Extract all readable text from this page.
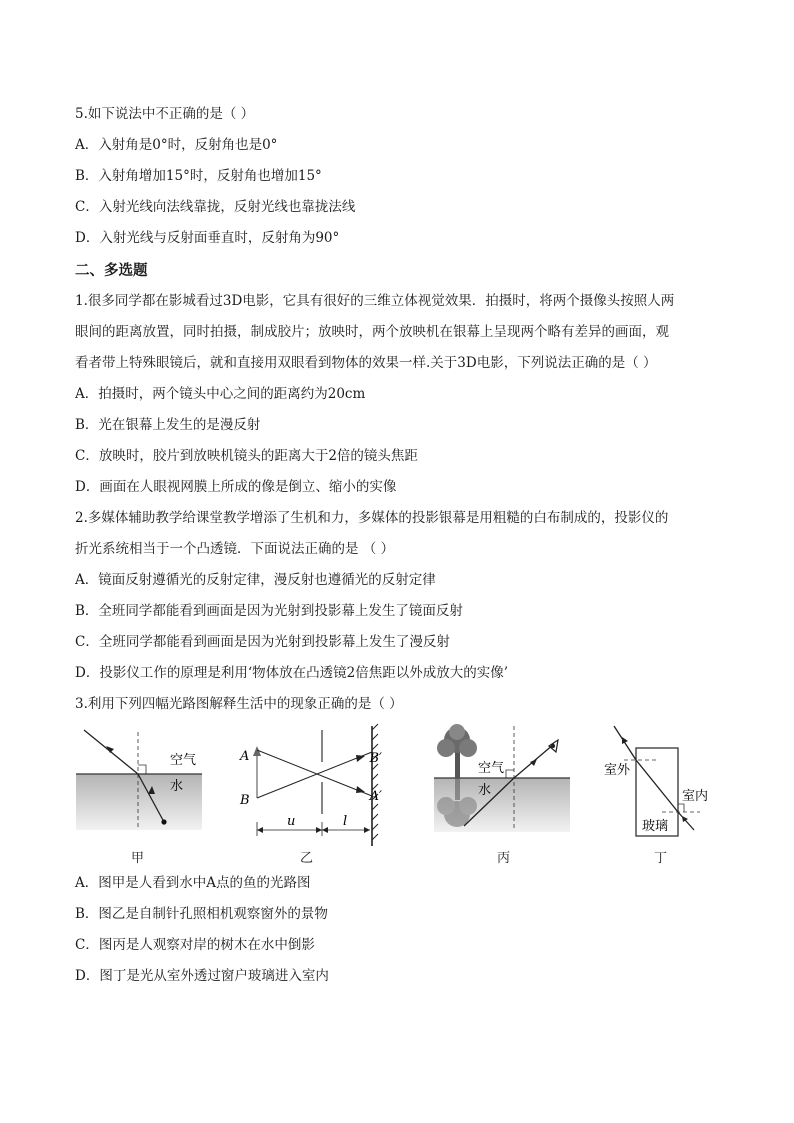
5.如下说法中不正确的是（ ）
A．入射角是0°时，反射角也是0°
B．入射角增加15°时，反射角也增加15°
C．入射光线向法线靠拢，反射光线也靠拢法线
D．入射光线与反射面垂直时，反射角为90°
二、多选题
1.很多同学都在影城看过3D电影，它具有很好的三维立体视觉效果．拍摄时，将两个摄像头按照人两
眼间的距离放置，同时拍摄，制成胶片；放映时，两个放映机在银幕上呈现两个略有差异的画面，观
看者带上特殊眼镜后，就和直接用双眼看到物体的效果一样.关于3D电影，下列说法正确的是（ ）
A．拍摄时，两个镜头中心之间的距离约为20cm
B．光在银幕上发生的是漫反射
C．放映时，胶片到放映机镜头的距离大于2倍的镜头焦距
D．画面在人眼视网膜上所成的像是倒立、缩小的实像
2.多媒体辅助教学给课堂教学增添了生机和力，多媒体的投影银幕是用粗糙的白布制成的，投影仪的
折光系统相当于一个凸透镜．下面说法正确的是 （ ）
A．镜面反射遵循光的反射定律，漫反射也遵循光的反射定律
B．全班同学都能看到画面是因为光射到投影幕上发生了镜面反射
C．全班同学都能看到画面是因为光射到投影幕上发生了漫反射
D．投影仪工作的原理是利用‘物体放在凸透镜2倍焦距以外成放大的实像’
3.利用下列四幅光路图解释生活中的现象正确的是（ ）
空气
水
甲
A
B
B′
A′
u	l
乙
空气
水
丙
室外
室内
玻璃
丁
A．图甲是人看到水中A点的鱼的光路图
B．图乙是自制针孔照相机观察窗外的景物
C．图丙是人观察对岸的树木在水中倒影
D．图丁是光从室外透过窗户玻璃进入室内
